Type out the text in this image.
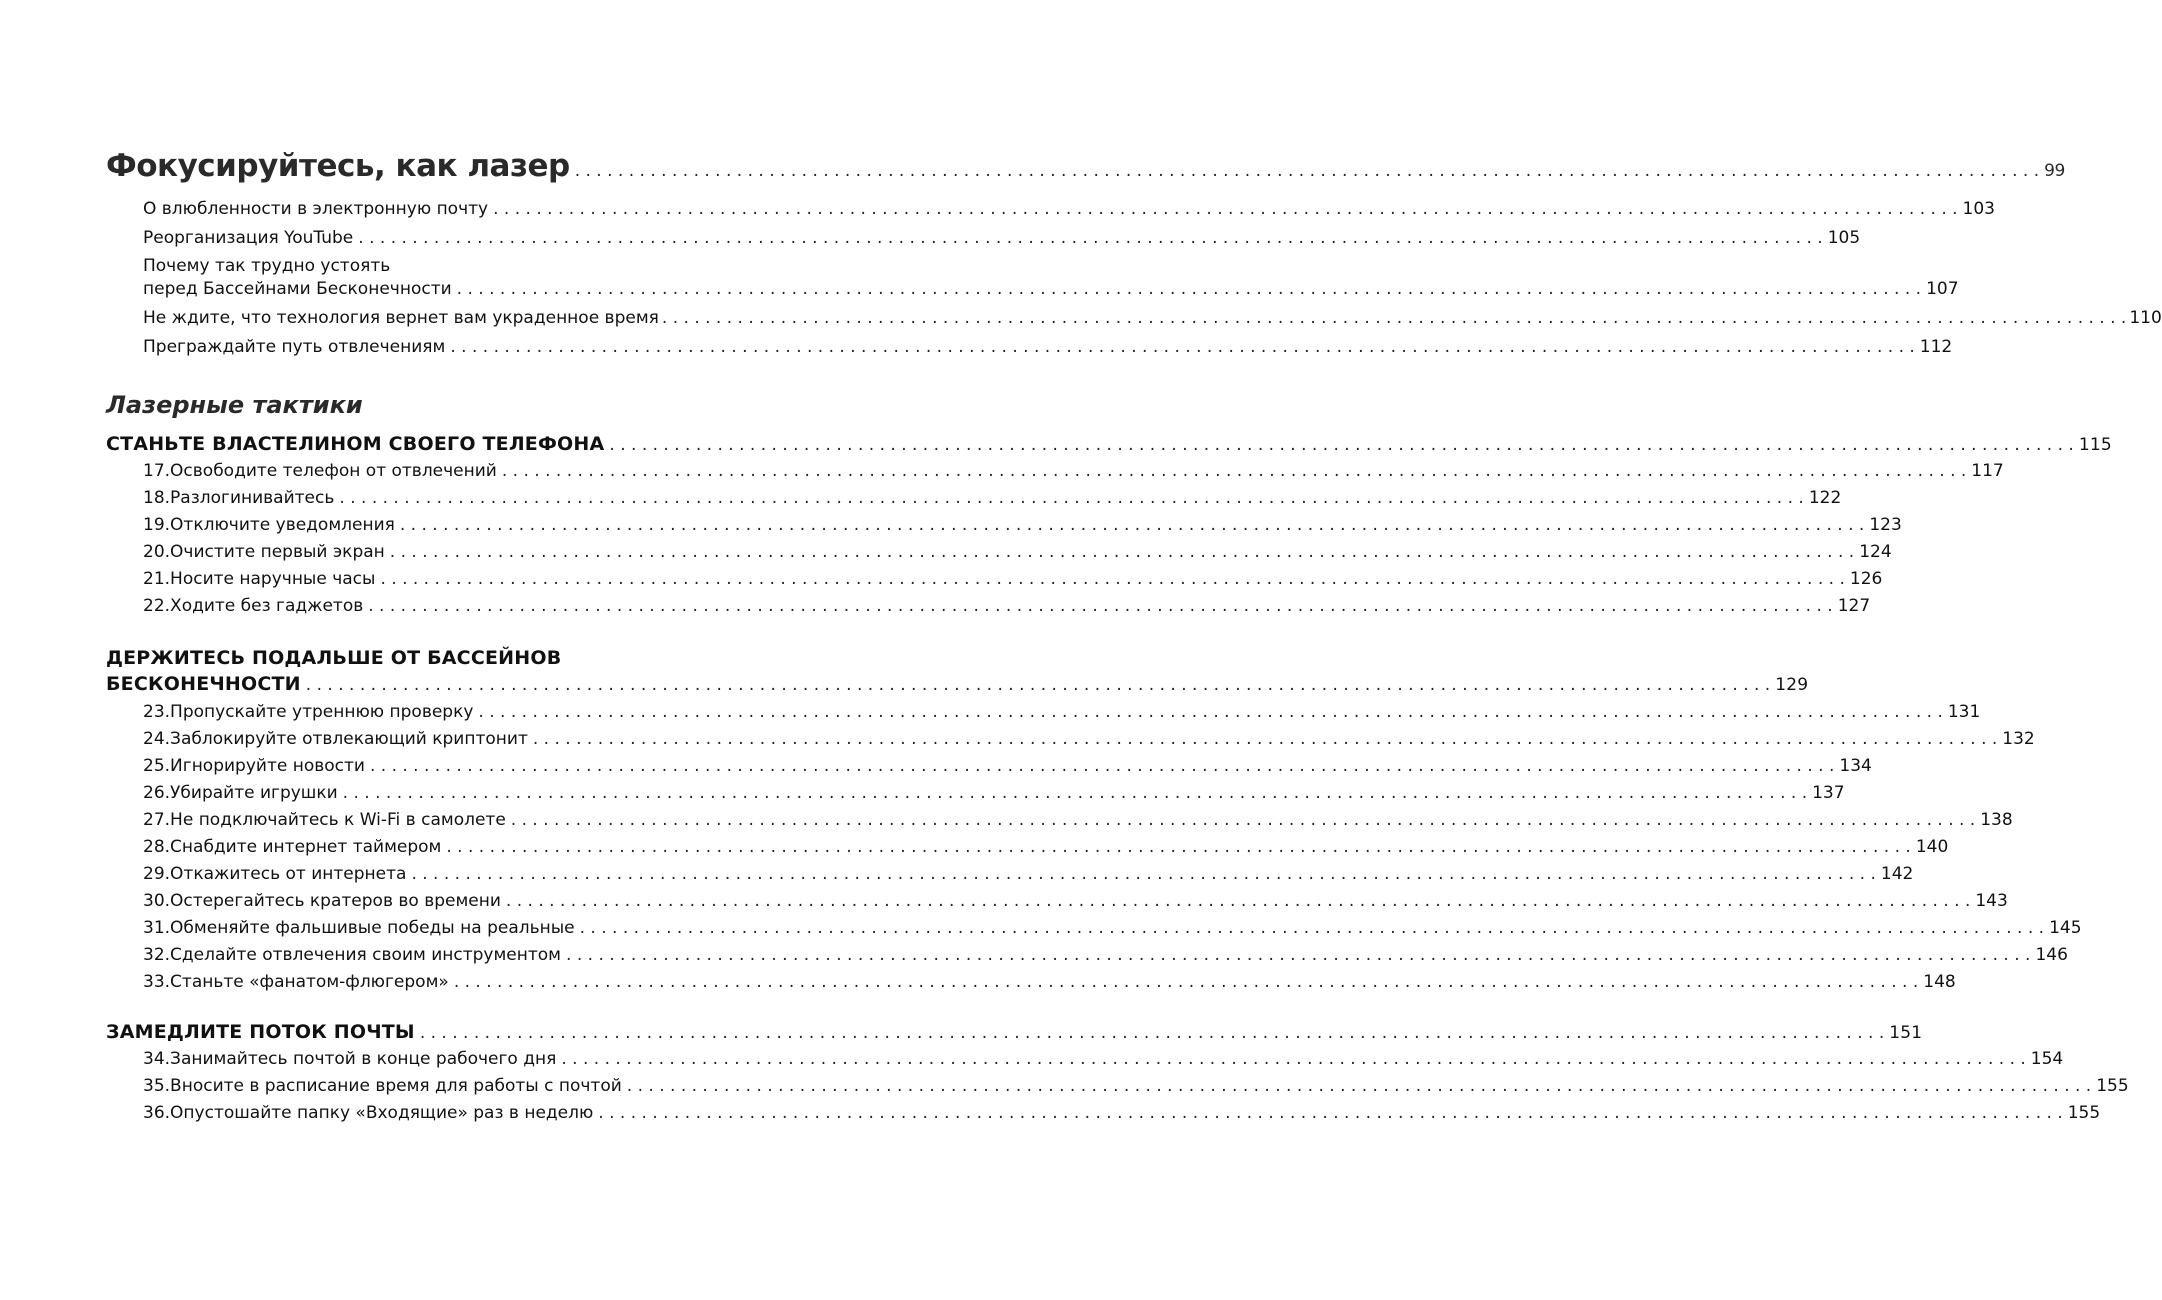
Фокусируйтесь, как лазер . . .	99
О влюбленности в электронную почту . . .	103
Реорганизация YouTube . . .	105
Почему так трудно устоять
перед Бассейнами Бесконечности . . .	107
Не ждите, что технология вернет вам украденное время . . .	110
Преграждайте путь отвлечениям . . .	112
Лазерные тактики
СТАНЬТЕ ВЛАСТЕЛИНОМ СВОЕГО ТЕЛЕФОНА . . .	115
17. Освободите телефон от отвлечений . . .	117
18. Разлогинивайтесь . . .	122
19. Отключите уведомления . . .	123
20. Очистите первый экран . . .	124
21. Носите наручные часы . . .	126
22. Ходите без гаджетов . . .	127
ДЕРЖИТЕСЬ ПОДАЛЬШЕ ОТ БАССЕЙНОВ
БЕСКОНЕЧНОСТИ . . .	129
23. Пропускайте утреннюю проверку . . .	131
24. Заблокируйте отвлекающий криптонит . . .	132
25. Игнорируйте новости . . .	134
26. Убирайте игрушки . . .	137
27. Не подключайтесь к Wi-Fi в самолете . . .	138
28. Снабдите интернет таймером . . .	140
29. Откажитесь от интернета . . .	142
30. Остерегайтесь кратеров во времени . . .	143
31. Обменяйте фальшивые победы на реальные . . .	145
32. Сделайте отвлечения своим инструментом . . .	146
33. Станьте «фанатом-флюгером» . . .	148
ЗАМЕДЛИТЕ ПОТОК ПОЧТЫ . . .	151
34. Занимайтесь почтой в конце рабочего дня . . .	154
35. Вносите в расписание время для работы с почтой . . .	155
36. Опустошайте папку «Входящие» раз в неделю . . .	155
